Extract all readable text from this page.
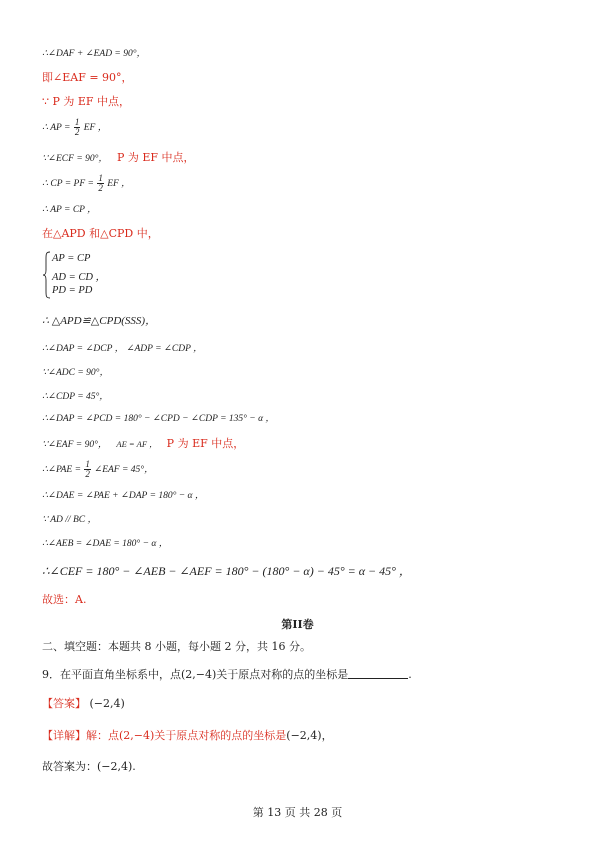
∴∠DAF + ∠EAD = 90°，
即∠EAF = 90°，
∵ P 为 EF 中点，
∴ AP = $\frac{1}{2}$ EF ，
∵∠ECF = 90°， P 为 EF 中点，
∴ CP = PF = $\frac{1}{2}$ EF ，
∴ AP = CP ，
在△APD 和△CPD 中，
AP = CP
AD = CD ，
PD = PD
∴ △APD≌△CPD(SSS)，
∴∠DAP = ∠DCP ， ∠ADP = ∠CDP ，
∵∠ADC = 90°，
∴∠CDP = 45°，
∴∠DAP = ∠PCD = 180° − ∠CPD − ∠CDP = 135° − α ，
∵∠EAF = 90°， AE = AF ， P 为 EF 中点，
∴∠PAE = $\frac{1}{2}$ ∠EAF = 45°，
∴∠DAE = ∠PAE + ∠DAP = 180° − α ，
∵ AD // BC ，
∴∠AEB = ∠DAE = 180° − α ，
∴∠CEF = 180° − ∠AEB − ∠AEF = 180° − (180° − α) − 45° = α − 45° ，
故选：A.
第II卷
二、填空题：本题共 8 小题，每小题 2 分，共 16 分。
9．在平面直角坐标系中，点(2,−4)关于原点对称的点的坐标是	.
【答案】 (−2,4)
【详解】解：点(2,−4)关于原点对称的点的坐标是(−2,4)，
故答案为：(−2,4).
第 13 页 共 28 页
